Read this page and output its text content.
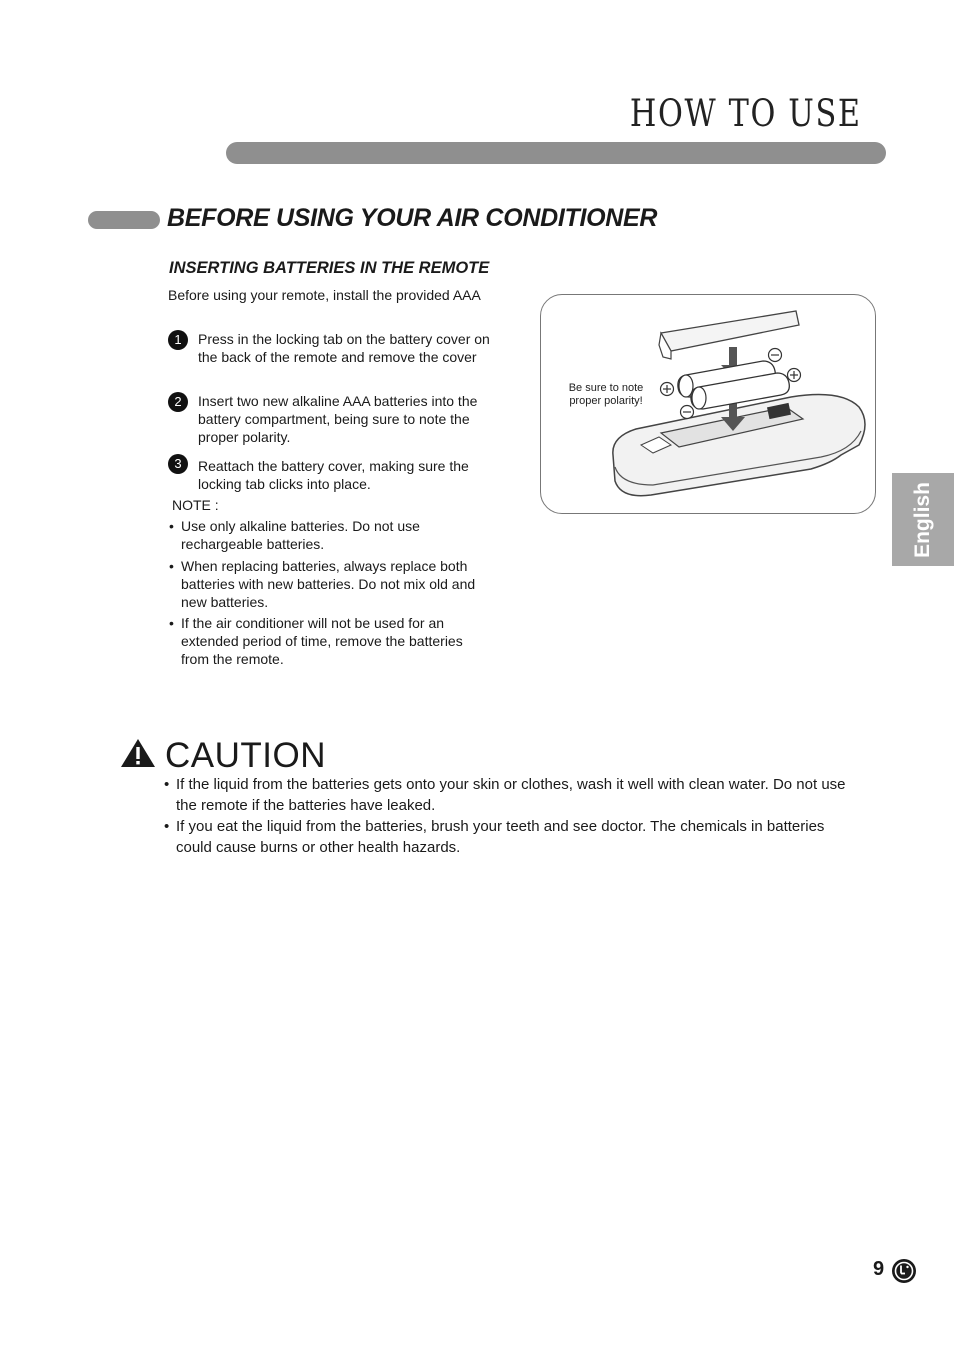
HOW TO USE
BEFORE USING YOUR AIR CONDITIONER
INSERTING BATTERIES IN THE REMOTE
Before using your remote, install the provided AAA
1	Press in the locking tab on the battery cover on the back of the remote and remove the cover
2	Insert two new alkaline AAA batteries into the battery compartment, being sure to note the proper polarity.
3	Reattach the battery cover, making sure the locking tab clicks into place.
NOTE :
• Use only alkaline batteries. Do not use rechargeable batteries.
• When replacing batteries, always replace both batteries with new batteries. Do not mix old and new batteries.
• If the air conditioner will not be used for an extended period of time, remove the batteries from the remote.
Be sure to note proper polarity!
CAUTION
• If the liquid from the batteries gets onto your skin or clothes, wash it well with clean water. Do not use the remote if the batteries have leaked.
• If you eat the liquid from the batteries, brush your teeth and see doctor. The chemicals in batteries could cause burns or other health hazards.
English
9
